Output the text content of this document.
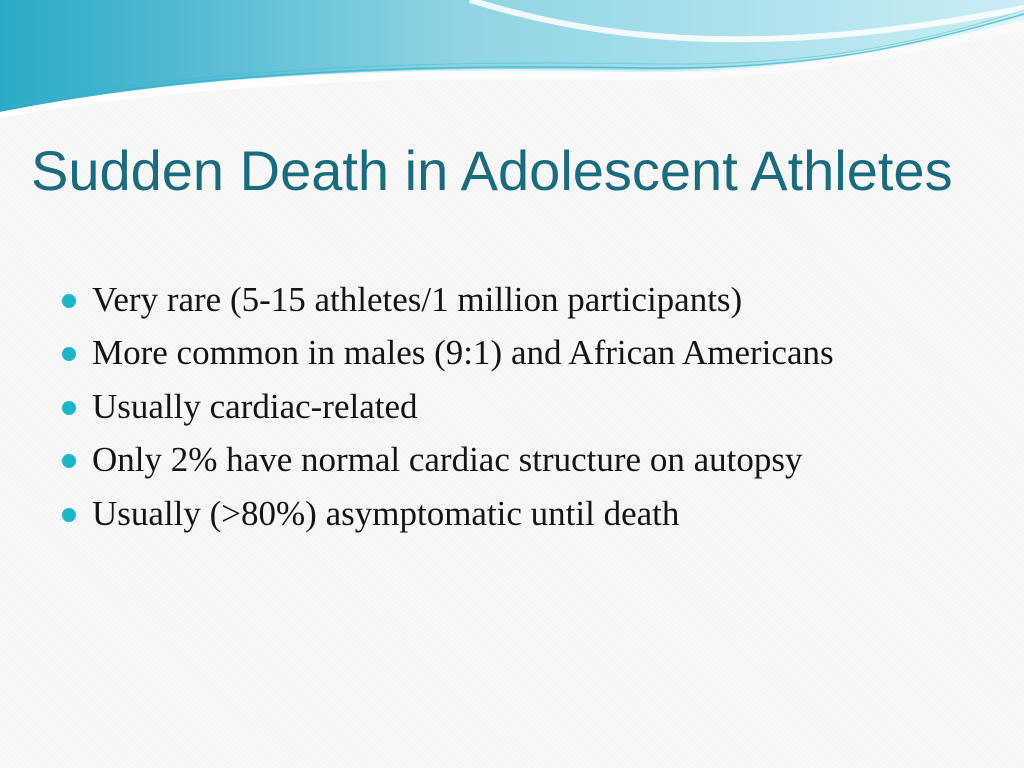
Sudden Death in Adolescent Athletes
Very rare (5-15 athletes/1 million participants)
More common in males (9:1) and African Americans
Usually cardiac-related
Only 2% have normal cardiac structure on autopsy
Usually (>80%) asymptomatic until death
